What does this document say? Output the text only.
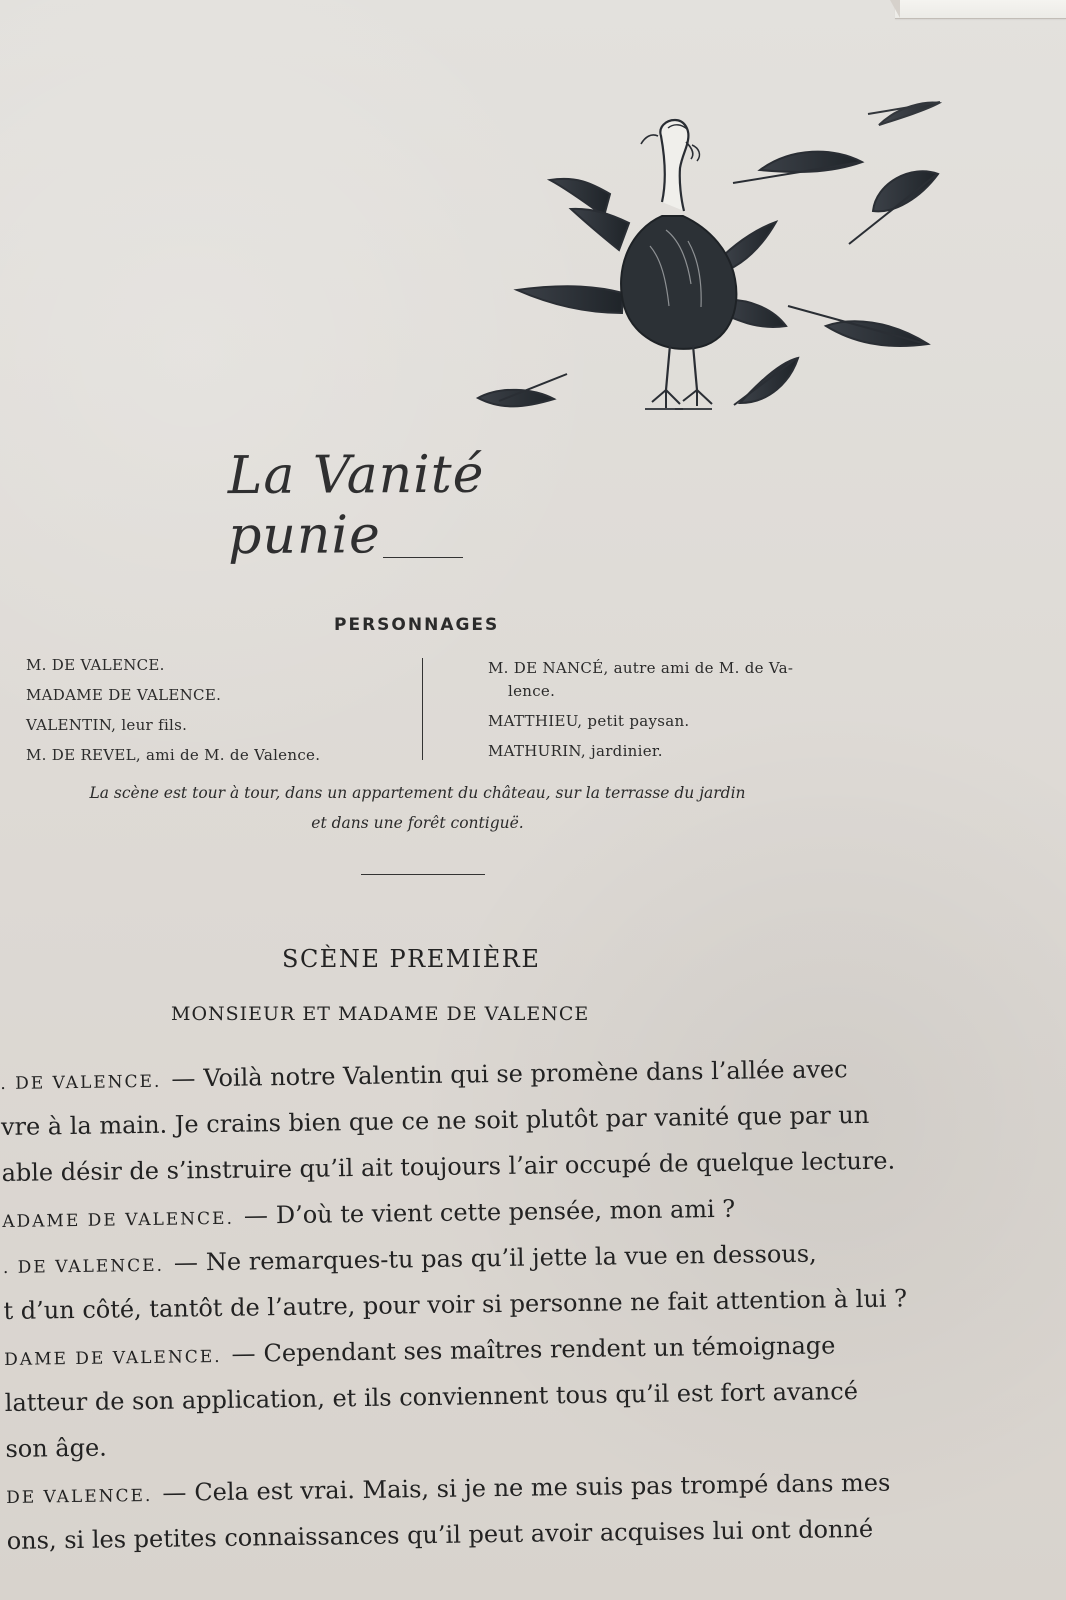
La Vanité punie
PERSONNAGES
M. DE VALENCE.
MADAME DE VALENCE.
VALENTIN, leur fils.
M. DE REVEL, ami de M. de Valence.
M. DE NANCÉ, autre ami de M. de Va-
lence.
MATTHIEU, petit paysan.
MATHURIN, jardinier.
La scène est tour à tour, dans un appartement du château, sur la terrasse du jardin
et dans une forêt contiguë.
SCÈNE PREMIÈRE
MONSIEUR ET MADAME DE VALENCE
. DE VALENCE. — Voilà notre Valentin qui se promène dans l’allée avec
vre à la main. Je crains bien que ce ne soit plutôt par vanité que par un
able désir de s’instruire qu’il ait toujours l’air occupé de quelque lecture.
ADAME DE VALENCE. — D’où te vient cette pensée, mon ami ?
. DE VALENCE. — Ne remarques-tu pas qu’il jette la vue en dessous,
t d’un côté, tantôt de l’autre, pour voir si personne ne fait attention à lui ?
DAME DE VALENCE. — Cependant ses maîtres rendent un témoignage
latteur de son application, et ils conviennent tous qu’il est fort avancé
son âge.
DE VALENCE. — Cela est vrai. Mais, si je ne me suis pas trompé dans mes
ons, si les petites connaissances qu’il peut avoir acquises lui ont donné
